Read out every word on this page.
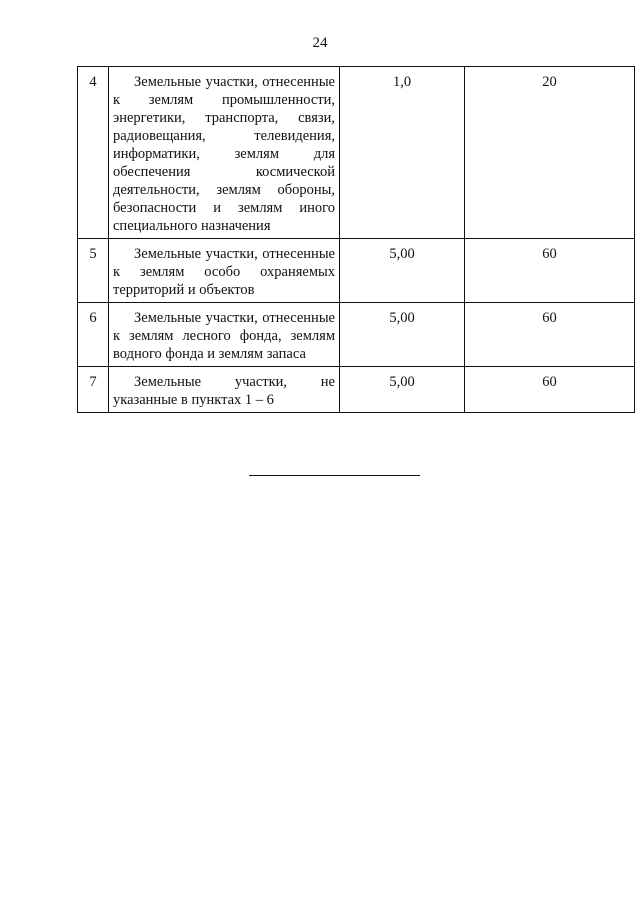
24
4	Земельные участки, отнесенные к землям промышленности, энергетики, транспорта, связи, радиовещания, телевидения, информатики, землям для обеспечения космической деятельности, землям обороны, безопасности и землям иного специального назначения	1,0	20
5	Земельные участки, отнесенные к землям особо охраняемых территорий и объектов	5,00	60
6	Земельные участки, отнесенные к землям лесного фонда, землям водного фонда и землям запаса	5,00	60
7	Земельные участки, не указанные в пунктах 1 – 6	5,00	60
